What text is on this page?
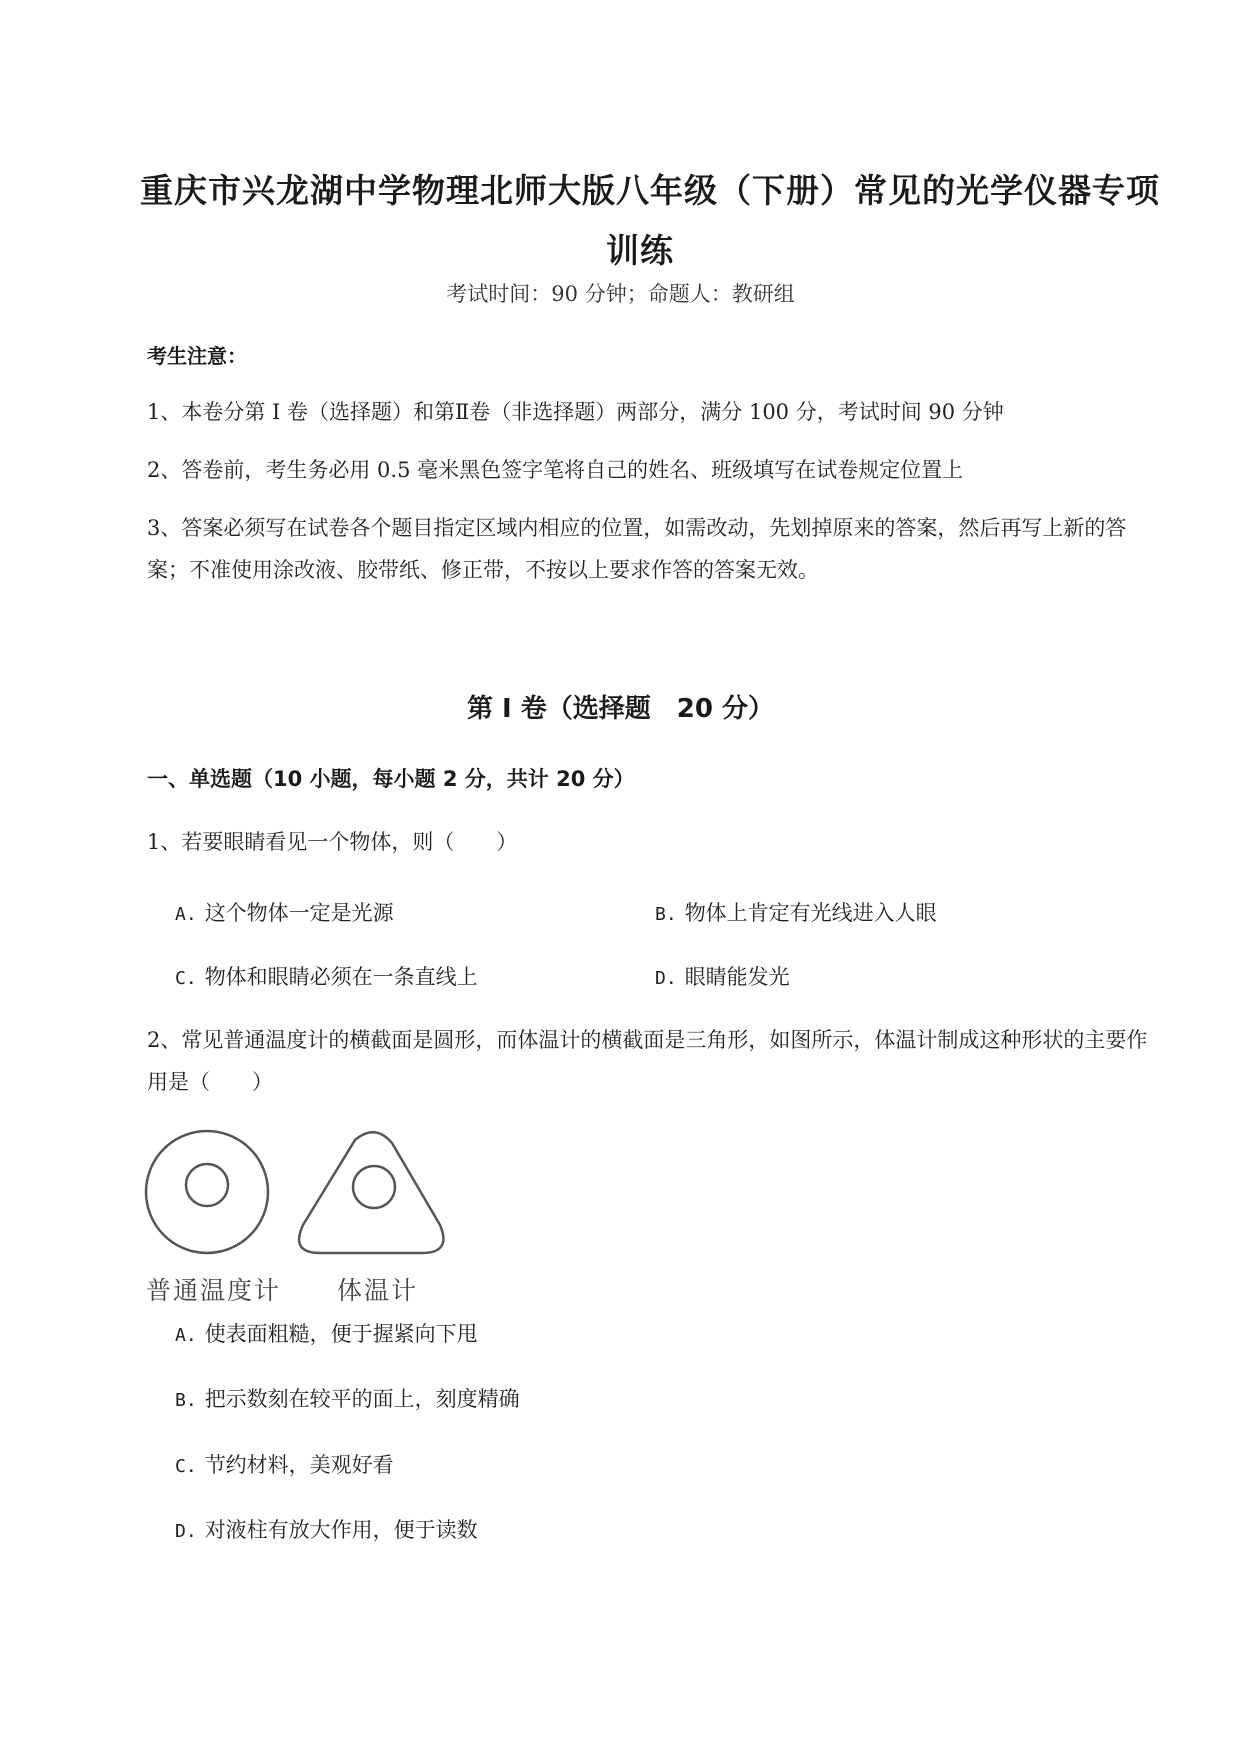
重庆市兴龙湖中学物理北师大版八年级（下册）常见的光学仪器专项
训练
考试时间：90 分钟；命题人：教研组
考生注意：
1、本卷分第 I 卷（选择题）和第Ⅱ卷（非选择题）两部分，满分 100 分，考试时间 90 分钟
2、答卷前，考生务必用 0.5 毫米黑色签字笔将自己的姓名、班级填写在试卷规定位置上
3、答案必须写在试卷各个题目指定区域内相应的位置，如需改动，先划掉原来的答案，然后再写上新的答案；不准使用涂改液、胶带纸、修正带，不按以上要求作答的答案无效。
第 I 卷（选择题　20 分）
一、单选题（10 小题，每小题 2 分，共计 20 分）
1、若要眼睛看见一个物体，则（　　）
A. 这个物体一定是光源	B. 物体上肯定有光线进入人眼
C. 物体和眼睛必须在一条直线上	D. 眼睛能发光
2、常见普通温度计的横截面是圆形，而体温计的横截面是三角形，如图所示，体温计制成这种形状的主要作用是（　　）
普通温度计 体温计
A. 使表面粗糙，便于握紧向下甩
B. 把示数刻在较平的面上，刻度精确
C. 节约材料，美观好看
D. 对液柱有放大作用，便于读数
